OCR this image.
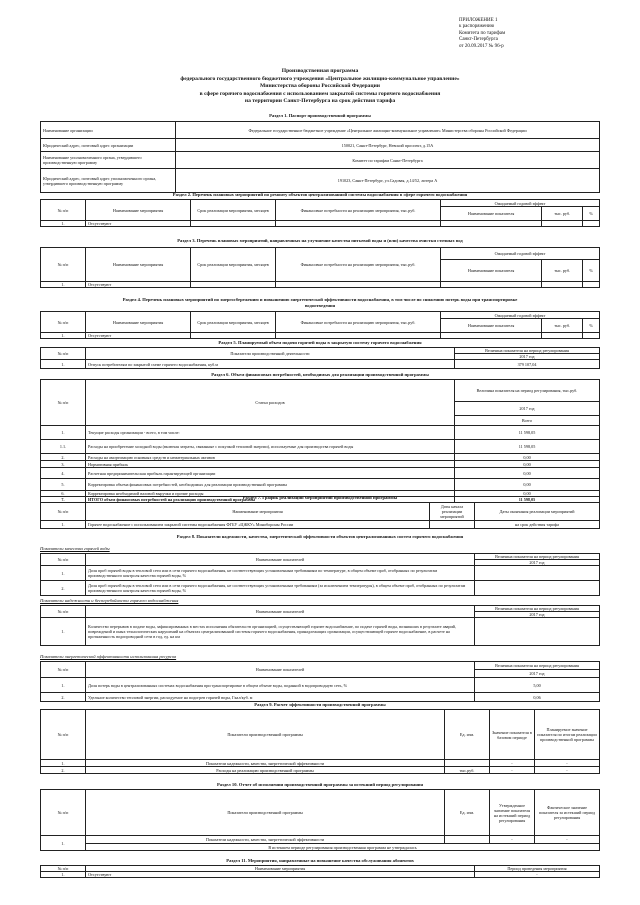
ПРИЛОЖЕНИЕ 1
к распоряжению
Комитета по тарифам
Санкт-Петербурга
от 20.09.2017 № 96-р
Производственная программа
федерального государственного бюджетного учреждения «Центральное жилищно-коммунальное управление»
Министерства обороны Российской Федерации
в сфере горячего водоснабжения с использованием закрытой системы горячего водоснабжения
на территории Санкт-Петербурга на срок действия тарифа
Раздел 1. Паспорт производственной программы
Наименование организации	Федеральное государственное бюджетное учреждение «Центральное жилищно-коммунальное управление» Министерства обороны Российской Федерации
Юридический адрес, почтовый адрес организации	150021, Санкт-Петербург, Невский проспект, д.15А
Наименование уполномоченного органа, утвердившего производственную программу	Комитет по тарифам Санкт-Петербурга
Юридический адрес, почтовый адрес уполномоченного органа, утвердившего производственную программу	191023, Санкт-Петербург, ул.Садовая, д.14/52, литера А
Раздел 2. Перечень плановых мероприятий по ремонту объектов централизованной системы водоснабжения в сфере горячего водоснабжения
№ п/п	Наименование мероприятия	Срок реализации мероприятия, месяцев	Финансовые потребности на реализацию мероприятия, тыс.руб.	Ожидаемый годовой эффект		
				Наименование показателя	тыс. руб.	%
1.	Отсутствуют					
Раздел 3. Перечень плановых мероприятий, направленных на улучшение качества питьевой воды и (или) качества очистки сточных вод
№ п/п	Наименование мероприятия	Срок реализации мероприятия, месяцев	Финансовые потребности на реализацию мероприятия, тыс.руб.	Ожидаемый годовой эффект		
				Наименование показателя	тыс. руб.	%
1.	Отсутствуют					
Раздел 4. Перечень плановых мероприятий по энергосбережению и повышению энергетической эффективности водоснабжения, в том числе по снижению потерь воды при транспортировке
водоотведения
№ п/п	Наименование мероприятия	Срок реализации мероприятия, месяцев	Финансовые потребности на реализацию мероприятия, тыс.руб.	Ожидаемый годовой эффект		
				Наименование показателя	тыс. руб.	%
1.	Отсутствуют					
Раздел 5. Планируемый объем подачи горячей воды в закрытую систему горячего водоснабжения
№ п/п	Показатели производственной деятельности	Величина показателя на период регулирования
		2017 год
1.	Отпуск потребителям по закрытой схеме горячего водоснабжения, куб.м	379 107,04
Раздел 6. Объем финансовых потребностей, необходимых для реализации производственной программы
№ п/п	Статьи расходов	Величина показателя на период регулирования, тыс.руб.
		2017 год
		Всего
1.	Текущие расходы организации - всего, в том числе:	11 598,05
1.1.	Расходы на приобретение холодной воды (включая затраты, связанные с покупкой тепловой энергии), используемые для производства горячей воды	11 598,05
2.	Расходы на амортизацию основных средств и нематериальных активов	0,00
3.	Нормативная прибыль	0,00
4.	Расчетная предпринимательская прибыль гарантирующей организации	0,00
5.	Корректировка объема финансовых потребностей, необходимых для реализации производственной программы	0,00
6.	Корректировка необходимой валовой выручки и прочие расходы	0,00
7.	ИТОГО объем финансовых потребностей на реализацию производственной программы	11 598,05
Раздел 7. График реализации мероприятий производственной программы
№ п/п	Наименование мероприятия	Даты начала реализации мероприятий	Даты окончания реализации мероприятий
1.	Горячее водоснабжение с использованием закрытой системы водоснабжения ФГБУ «ЦЖКУ» Минобороны России		на срок действия тарифа
Раздел 8. Показатели надежности, качества, энергетической эффективности объектов централизованных систем горячего водоснабжения
Показатели качества горячей воды
№ п/п	Наименование показателей	Величина показателя на период регулирования
		2017 год
1.	Доля проб горячей воды в тепловой сети или в сети горячего водоснабжения, не соответствующих установленным требованиям по температуре, в общем объеме проб, отобранных по результатам производственного контроля качества горячей воды, %	
2.	Доля проб горячей воды в тепловой сети или в сети горячего водоснабжения, не соответствующих установленным требованиям (за исключением температуры), в общем объеме проб, отобранных по результатам производственного контроля качества горячей воды, %	
Показатели надежности и бесперебойности горячего водоснабжения
№ п/п	Наименование показателей	Величина показателя на период регулирования
		2017 год
1.	Количество перерывов в подаче воды, зафиксированных в местах исполнения обязательств организацией, осуществляющей горячее водоснабжение, по подаче горячей воды, возникших в результате аварий, повреждений и иных технологических нарушений на объектах централизованной системы горячего водоснабжения, принадлежащих организации, осуществляющей горячее водоснабжение, в расчете на протяженность водопроводной сети в год, ед. на км	
Показатели энергетической эффективности использования ресурсов
№ п/п	Наименование показателей	Величина показателя на период регулирования
		2017 год
1.	Доля потерь воды в централизованных системах водоснабжения при транспортировке в общем объеме воды, поданной в водопроводную сеть, %	5,00
2.	Удельное количество тепловой энергии, расходуемое на подогрев горячей воды, Гкал/куб. м	0,06
Раздел 9. Расчет эффективности производственной программы
№ п/п	Показатели производственной программы	Ед. изм.	Значение показателя в базовом периоде	Планируемое значение показателя по итогам реализации производственной программы
1.	Показатели надежности, качества, энергетической эффективности		-	-
2.	Расходы на реализацию производственной программы	тыс.руб.	-	-
Раздел 10. Отчет об исполнении производственной программы за истекший период регулирования
№ п/п	Показатели производственной программы	Ед. изм.	Утвержденное значение показателя на истекший период регулирования	Фактическое значение показателя за истекший период регулирования
1.	Показатели надежности, качества, энергетической эффективности		-	-
	В истекшем периоде регулирования производственная программа не утверждалась			
Раздел 11. Мероприятия, направленные на повышение качества обслуживания абонентов
№ п/п	Наименование мероприятия	Период проведения мероприятия
1.	Отсутствуют	-
